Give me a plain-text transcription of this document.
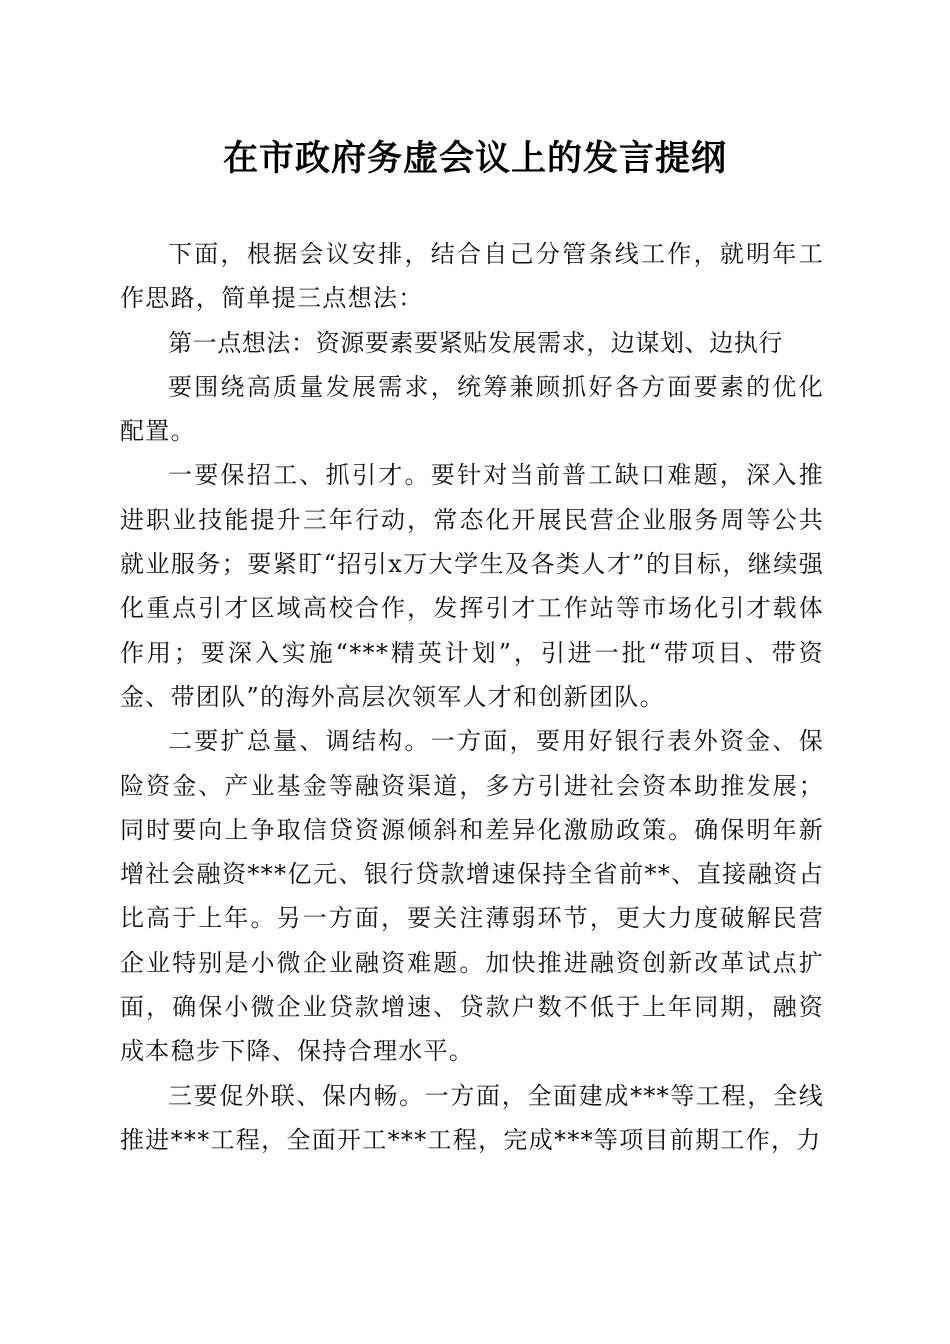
在市政府务虚会议上的发言提纲

下面，根据会议安排，结合自己分管条线工作，就明年工作思路，简单提三点想法：

第一点想法：资源要素要紧贴发展需求，边谋划、边执行

要围绕高质量发展需求，统筹兼顾抓好各方面要素的优化配置。

一要保招工、抓引才。要针对当前普工缺口难题，深入推进职业技能提升三年行动，常态化开展民营企业服务周等公共就业服务；要紧盯“招引x万大学生及各类人才”的目标，继续强化重点引才区域高校合作，发挥引才工作站等市场化引才载体作用；要深入实施“***精英计划”，引进一批“带项目、带资金、带团队”的海外高层次领军人才和创新团队。

二要扩总量、调结构。一方面，要用好银行表外资金、保险资金、产业基金等融资渠道，多方引进社会资本助推发展；同时要向上争取信贷资源倾斜和差异化激励政策。确保明年新增社会融资***亿元、银行贷款增速保持全省前**、直接融资占比高于上年。另一方面，要关注薄弱环节，更大力度破解民营企业特别是小微企业融资难题。加快推进融资创新改革试点扩面，确保小微企业贷款增速、贷款户数不低于上年同期，融资成本稳步下降、保持合理水平。

三要促外联、保内畅。一方面，全面建成***等工程，全线推进***工程，全面开工***工程，完成***等项目前期工作，力
